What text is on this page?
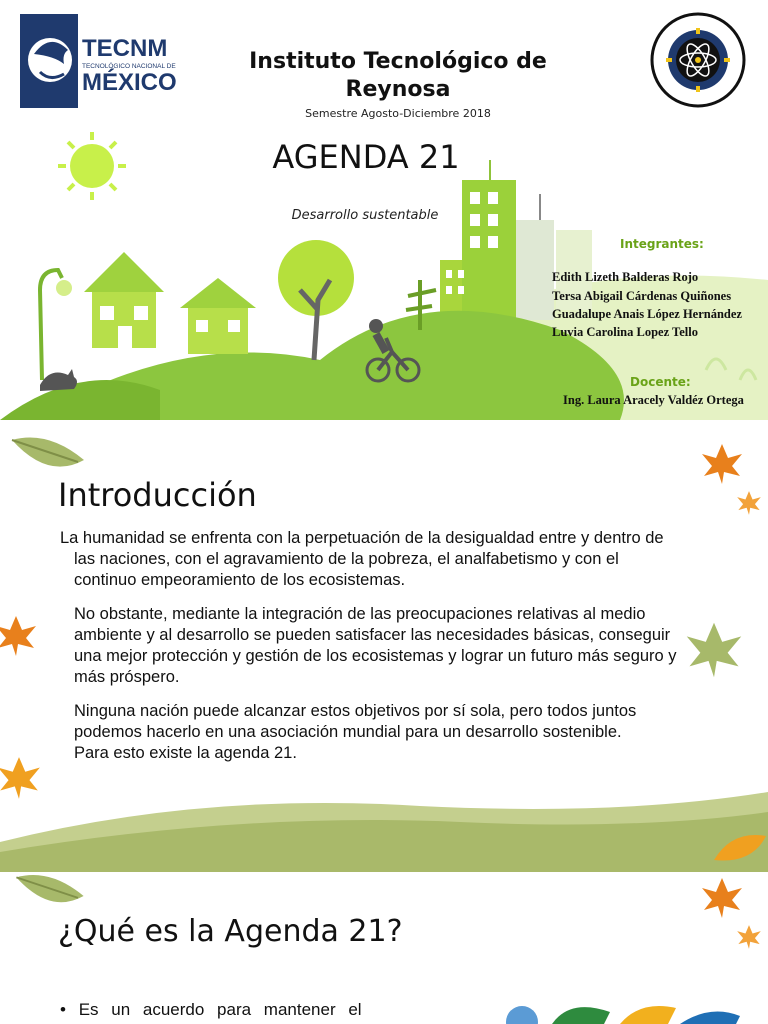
TECNM
TECNOLÓGICO NACIONAL DE
MÉXICO
Instituto Tecnológico de Reynosa
Semestre Agosto-Diciembre 2018
AGENDA 21
Desarrollo sustentable
Integrantes:
Edith Lizeth Balderas Rojo
Tersa Abigail Cárdenas Quiñones
Guadalupe Anais López Hernández
Luvia Carolina Lopez Tello
Docente:
Ing. Laura Aracely Valdéz Ortega
Introducción

La humanidad se enfrenta con la perpetuación de la desigualdad entre y dentro de las naciones, con el agravamiento de la pobreza, el analfabetismo y con el continuo empeoramiento de los ecosistemas.

No obstante, mediante la integración de las preocupaciones relativas al medio ambiente y al desarrollo se pueden satisfacer las necesidades básicas, conseguir una mejor protección y gestión de los ecosistemas y lograr un futuro más seguro y más próspero.

Ninguna nación puede alcanzar estos objetivos por sí sola, pero todos juntos podemos hacerlo en una asociación mundial para un desarrollo sostenible.

Para esto existe la agenda 21.

¿Qué es la Agenda 21?
• Es un acuerdo para mantener el
